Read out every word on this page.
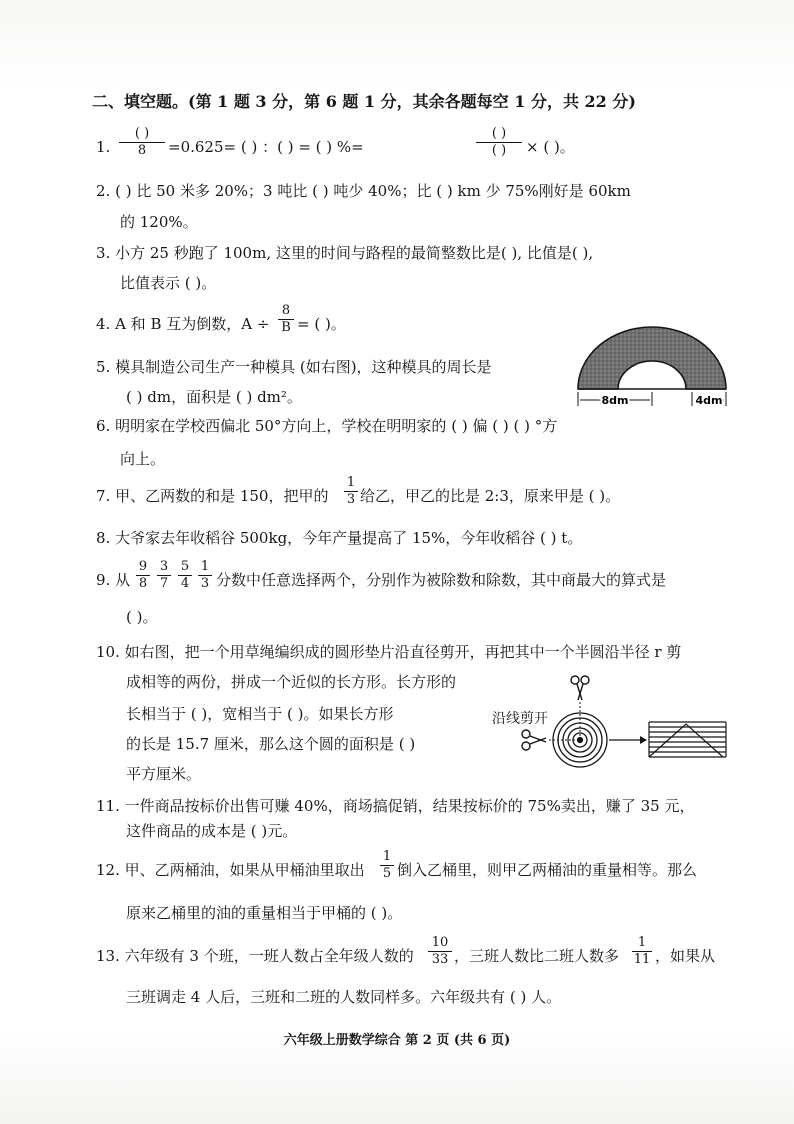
二、填空题。(第 1 题 3 分，第 6 题 1 分，其余各题每空 1 分，共 22 分)
1.
( )
8	=0.625= ( ) ：( ) = ( ) %=
( )
( )	× ( )。
2. ( ) 比 50 米多 20%；3 吨比 ( ) 吨少 40%；比 ( ) km 少 75%刚好是 60km
的 120%。
3. 小方 25 秒跑了 100m, 这里的时间与路程的最简整数比是( ), 比值是( ),
比值表示 ( )。
4. A 和 B 互为倒数，A ÷
8
B = ( )。
5. 模具制造公司生产一种模具 (如右图)，这种模具的周长是
( ) dm，面积是 ( ) dm²。	8dm	4dm
6. 明明家在学校西偏北 50°方向上，学校在明明家的 ( ) 偏 ( ) ( ) °方
向上。
7. 甲、乙两数的和是 150，把甲的
1
3 给乙，甲乙的比是 2:3，原来甲是 ( )。
8. 大爷家去年收稻谷 500kg，今年产量提高了 15%，今年收稻谷 ( ) t。
9. 从
9
8
3
7
5
4
1
3 分数中任意选择两个，分别作为被除数和除数，其中商最大的算式是
( )。
10. 如右图，把一个用草绳编织成的圆形垫片沿直径剪开，再把其中一个半圆沿半径 r 剪
成相等的两份，拼成一个近似的长方形。长方形的
长相当于 ( )，宽相当于 ( )。如果长方形
的长是 15.7 厘米，那么这个圆的面积是 ( )
平方厘米。
沿线剪开
11. 一件商品按标价出售可赚 40%，商场搞促销，结果按标价的 75%卖出，赚了 35 元，
这件商品的成本是 ( )元。
12. 甲、乙两桶油，如果从甲桶油里取出
1
5 倒入乙桶里，则甲乙两桶油的重量相等。那么
原来乙桶里的油的重量相当于甲桶的 ( )。
13. 六年级有 3 个班，一班人数占全年级人数的
10
33 ，三班人数比二班人数多
1
11 ，如果从
三班调走 4 人后，三班和二班的人数同样多。六年级共有 ( ) 人。
六年级上册数学综合 第 2 页 (共 6 页)
